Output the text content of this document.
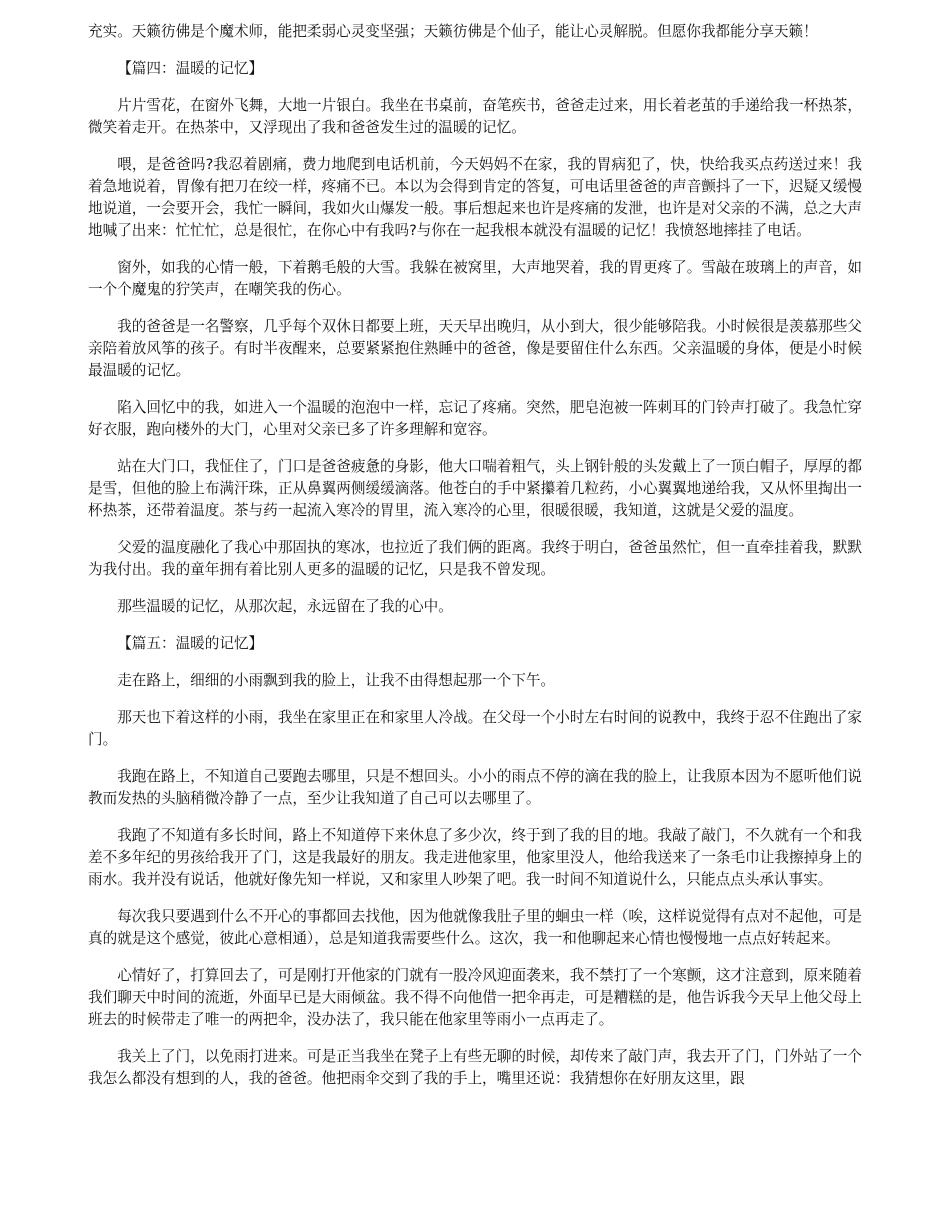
充实。天籁彷佛是个魔术师，能把柔弱心灵变坚强；天籁彷佛是个仙子，能让心灵解脱。但愿你我都能分享天籁！

【篇四：温暖的记忆】

片片雪花，在窗外飞舞，大地一片银白。我坐在书桌前，奋笔疾书，爸爸走过来，用长着老茧的手递给我一杯热茶，微笑着走开。在热茶中，又浮现出了我和爸爸发生过的温暖的记忆。

喂，是爸爸吗?我忍着剧痛，费力地爬到电话机前，今天妈妈不在家，我的胃病犯了，快，快给我买点药送过来！我着急地说着，胃像有把刀在绞一样，疼痛不已。本以为会得到肯定的答复，可电话里爸爸的声音颤抖了一下，迟疑又缓慢地说道，一会要开会，我忙一瞬间，我如火山爆发一般。事后想起来也许是疼痛的发泄，也许是对父亲的不满，总之大声地喊了出来：忙忙忙，总是很忙，在你心中有我吗?与你在一起我根本就没有温暖的记忆！我愤怒地摔挂了电话。

窗外，如我的心情一般，下着鹅毛般的大雪。我躲在被窝里，大声地哭着，我的胃更疼了。雪敲在玻璃上的声音，如一个个魔鬼的狞笑声，在嘲笑我的伤心。

我的爸爸是一名警察，几乎每个双休日都要上班，天天早出晚归，从小到大，很少能够陪我。小时候很是羡慕那些父亲陪着放风筝的孩子。有时半夜醒来，总要紧紧抱住熟睡中的爸爸，像是要留住什么东西。父亲温暖的身体，便是小时候最温暖的记忆。

陷入回忆中的我，如进入一个温暖的泡泡中一样，忘记了疼痛。突然，肥皂泡被一阵刺耳的门铃声打破了。我急忙穿好衣服，跑向楼外的大门，心里对父亲已多了许多理解和宽容。

站在大门口，我怔住了，门口是爸爸疲惫的身影，他大口喘着粗气，头上钢针般的头发戴上了一顶白帽子，厚厚的都是雪，但他的脸上布满汗珠，正从鼻翼两侧缓缓滴落。他苍白的手中紧攥着几粒药，小心翼翼地递给我，又从怀里掏出一杯热茶，还带着温度。茶与药一起流入寒冷的胃里，流入寒冷的心里，很暖很暖，我知道，这就是父爱的温度。

父爱的温度融化了我心中那固执的寒冰，也拉近了我们俩的距离。我终于明白，爸爸虽然忙，但一直牵挂着我，默默为我付出。我的童年拥有着比别人更多的温暖的记忆，只是我不曾发现。

那些温暖的记忆，从那次起，永远留在了我的心中。

【篇五：温暖的记忆】

走在路上，细细的小雨飘到我的脸上，让我不由得想起那一个下午。

那天也下着这样的小雨，我坐在家里正在和家里人冷战。在父母一个小时左右时间的说教中，我终于忍不住跑出了家门。

我跑在路上，不知道自己要跑去哪里，只是不想回头。小小的雨点不停的滴在我的脸上，让我原本因为不愿听他们说教而发热的头脑稍微冷静了一点，至少让我知道了自己可以去哪里了。

我跑了不知道有多长时间，路上不知道停下来休息了多少次，终于到了我的目的地。我敲了敲门，不久就有一个和我差不多年纪的男孩给我开了门，这是我最好的朋友。我走进他家里，他家里没人，他给我送来了一条毛巾让我擦掉身上的雨水。我并没有说话，他就好像先知一样说，又和家里人吵架了吧。我一时间不知道说什么，只能点点头承认事实。

每次我只要遇到什么不开心的事都回去找他，因为他就像我肚子里的蛔虫一样（唉，这样说觉得有点对不起他，可是真的就是这个感觉，彼此心意相通），总是知道我需要些什么。这次，我一和他聊起来心情也慢慢地一点点好转起来。

心情好了，打算回去了，可是刚打开他家的门就有一股冷风迎面袭来，我不禁打了一个寒颤，这才注意到，原来随着我们聊天中时间的流逝，外面早已是大雨倾盆。我不得不向他借一把伞再走，可是糟糕的是，他告诉我今天早上他父母上班去的时候带走了唯一的两把伞，没办法了，我只能在他家里等雨小一点再走了。

我关上了门，以免雨打进来。可是正当我坐在凳子上有些无聊的时候，却传来了敲门声，我去开了门，门外站了一个我怎么都没有想到的人，我的爸爸。他把雨伞交到了我的手上，嘴里还说：我猜想你在好朋友这里，跟
